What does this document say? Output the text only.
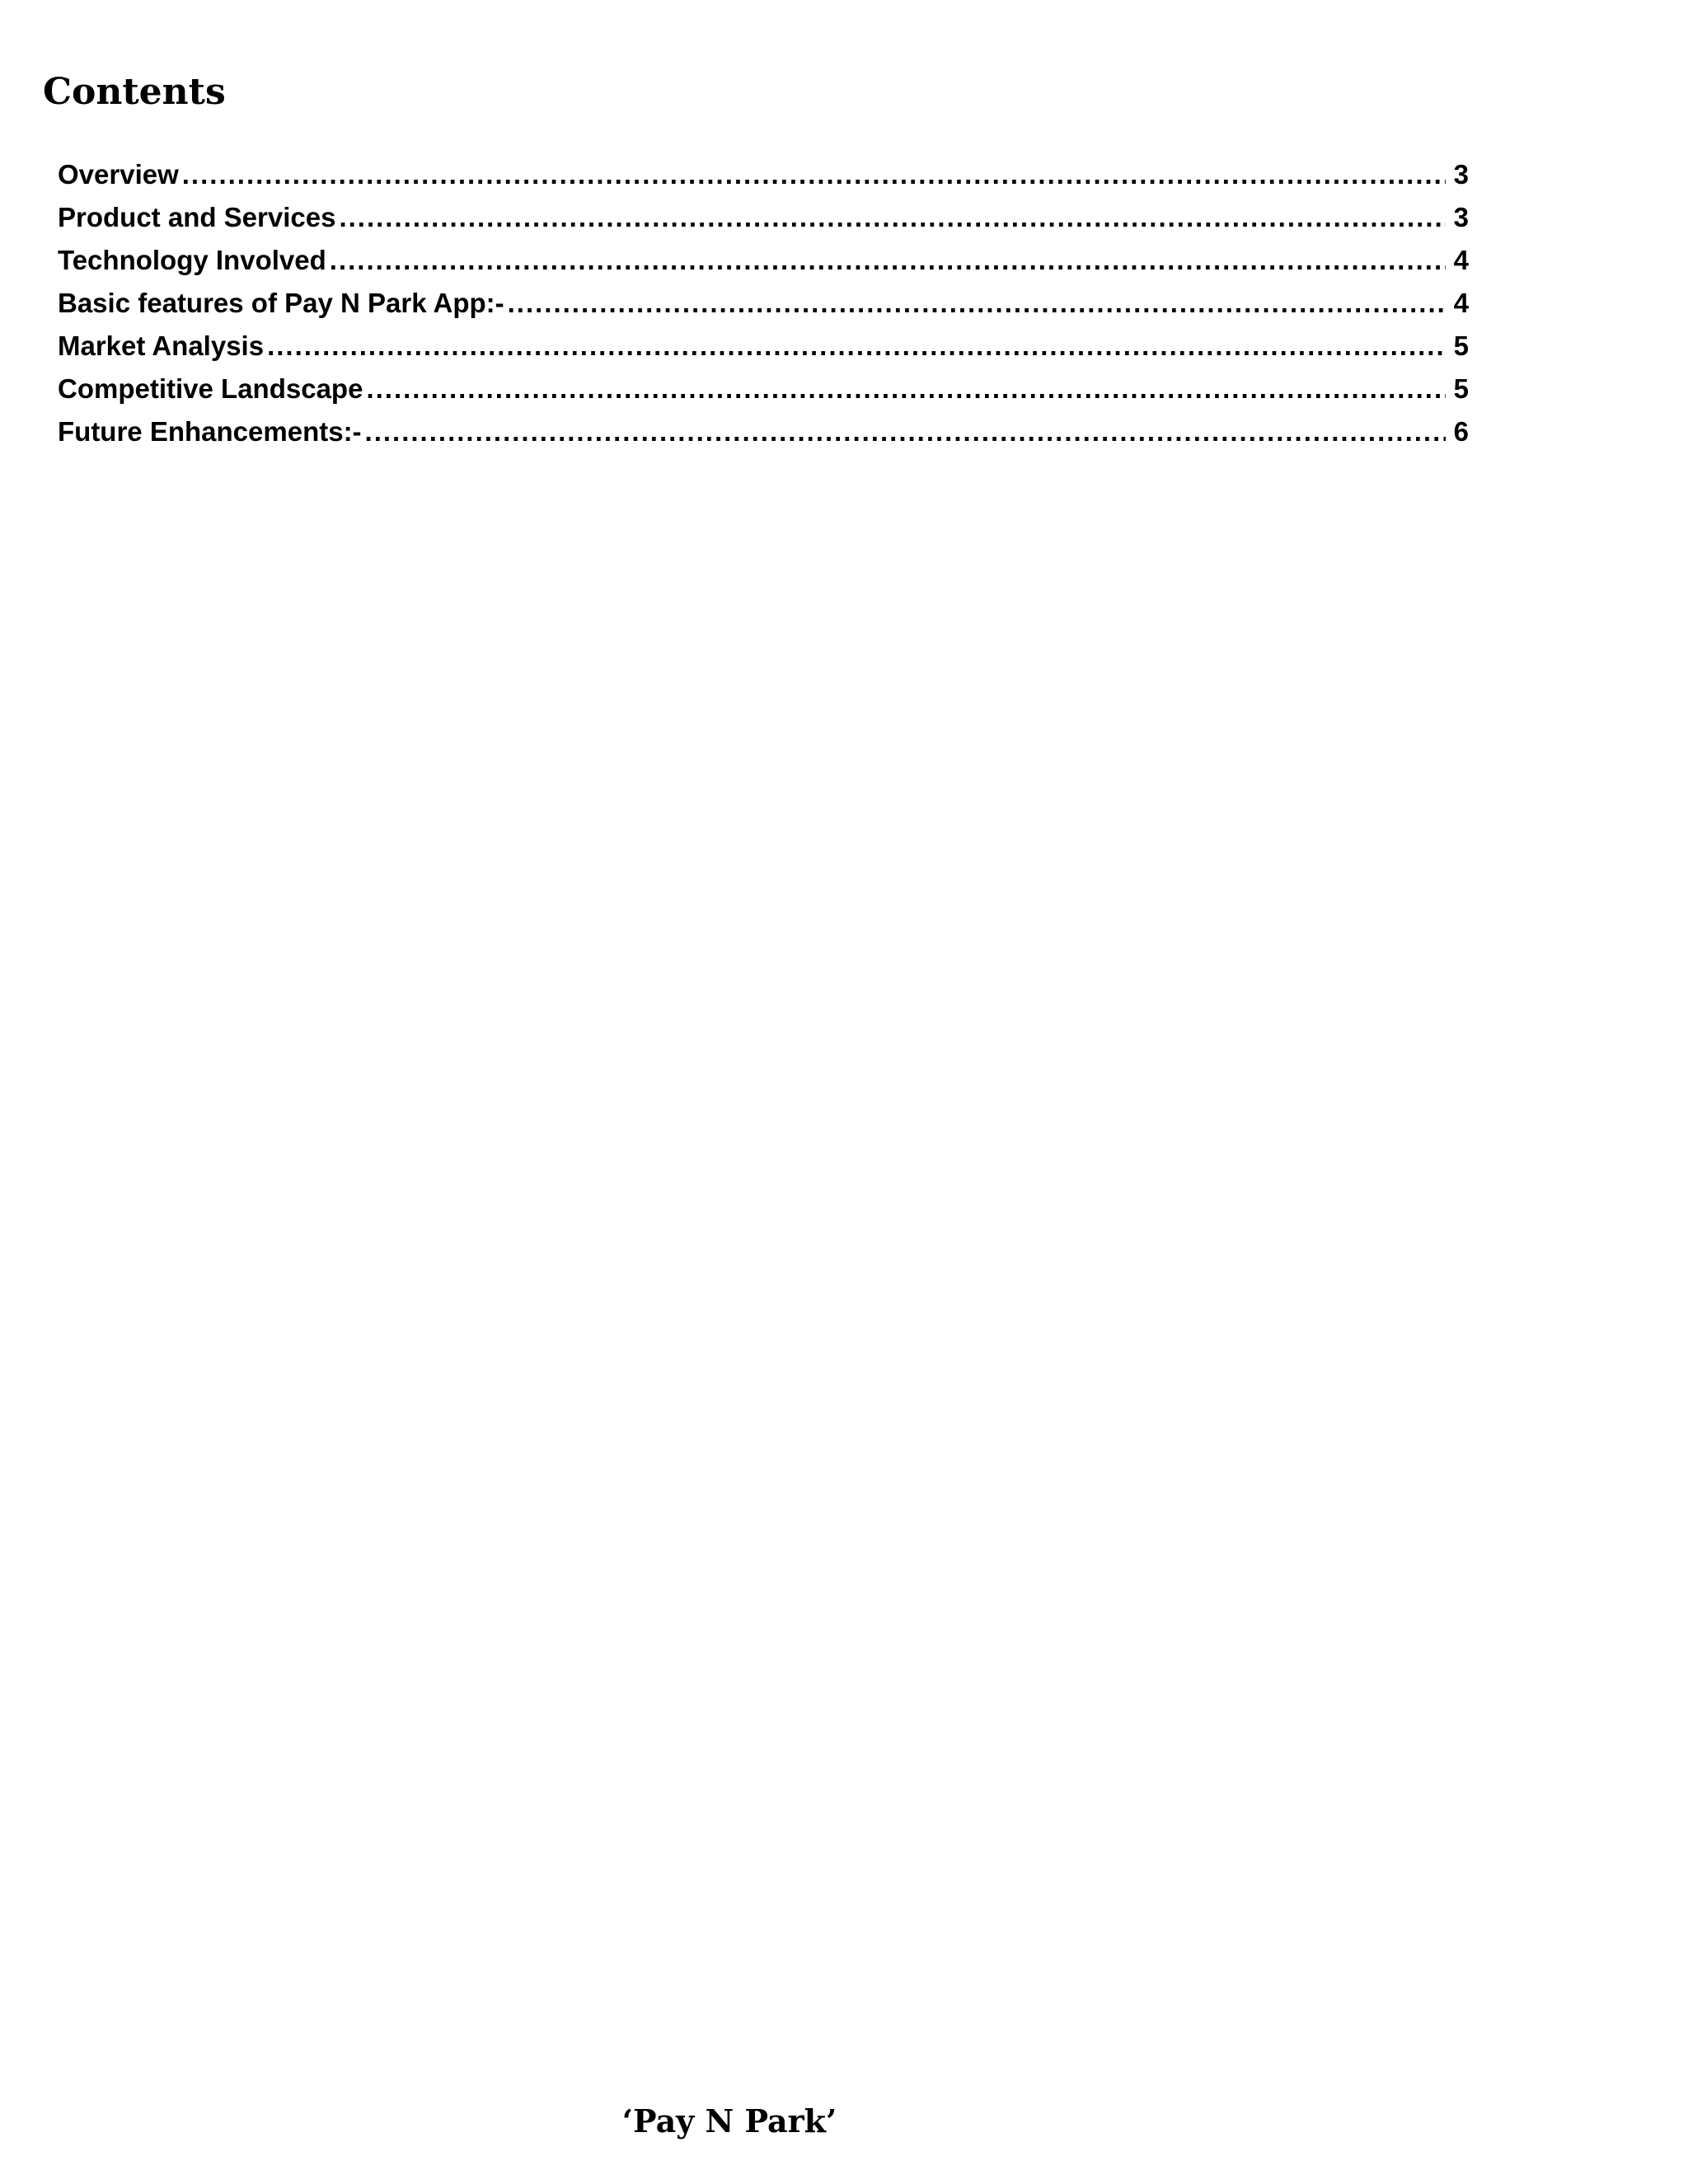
Contents
Overview .....	3
Product and Services .....	3
Technology Involved .....	4
Basic features of Pay N Park App:- .....	4
Market Analysis .....	5
Competitive Landscape .....	5
Future Enhancements:- .....	6

‘Pay N Park’
